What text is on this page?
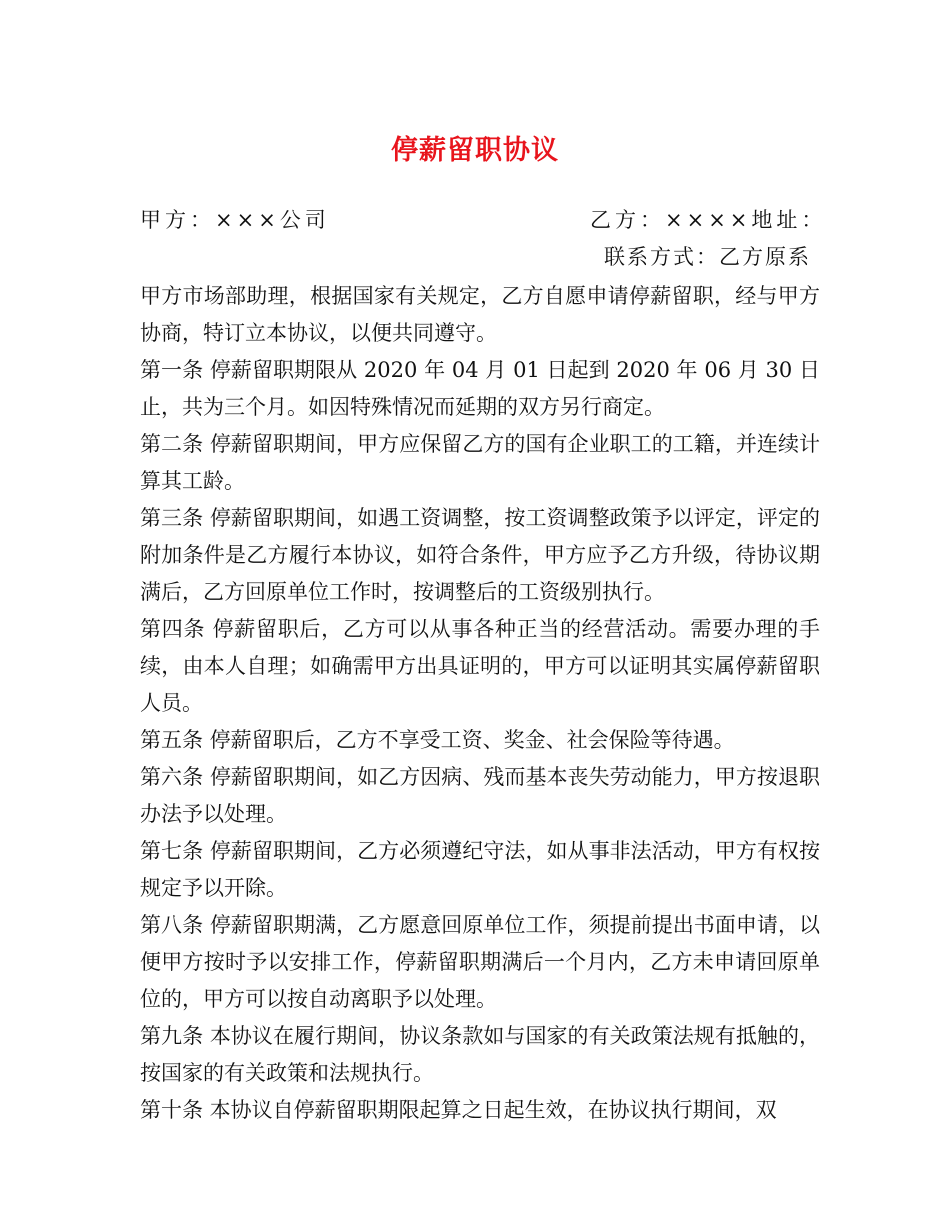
停薪留职协议

甲方：×××公司	乙方：××××地址：

联系方式：乙方原系

甲方市场部助理，根据国家有关规定，乙方自愿申请停薪留职，经与甲方协商，特订立本协议，以便共同遵守。

第一条 停薪留职期限从 2020 年 04 月 01 日起到 2020 年 06 月 30 日止，共为三个月。如因特殊情况而延期的双方另行商定。

第二条 停薪留职期间，甲方应保留乙方的国有企业职工的工籍，并连续计算其工龄。

第三条 停薪留职期间，如遇工资调整，按工资调整政策予以评定，评定的附加条件是乙方履行本协议，如符合条件，甲方应予乙方升级，待协议期满后，乙方回原单位工作时，按调整后的工资级别执行。

第四条 停薪留职后，乙方可以从事各种正当的经营活动。需要办理的手续，由本人自理；如确需甲方出具证明的，甲方可以证明其实属停薪留职人员。

第五条 停薪留职后，乙方不享受工资、奖金、社会保险等待遇。

第六条 停薪留职期间，如乙方因病、残而基本丧失劳动能力，甲方按退职办法予以处理。

第七条 停薪留职期间，乙方必须遵纪守法，如从事非法活动，甲方有权按规定予以开除。

第八条 停薪留职期满，乙方愿意回原单位工作，须提前提出书面申请，以便甲方按时予以安排工作，停薪留职期满后一个月内，乙方未申请回原单位的，甲方可以按自动离职予以处理。

第九条 本协议在履行期间，协议条款如与国家的有关政策法规有抵触的，按国家的有关政策和法规执行。

第十条 本协议自停薪留职期限起算之日起生效，在协议执行期间，双
